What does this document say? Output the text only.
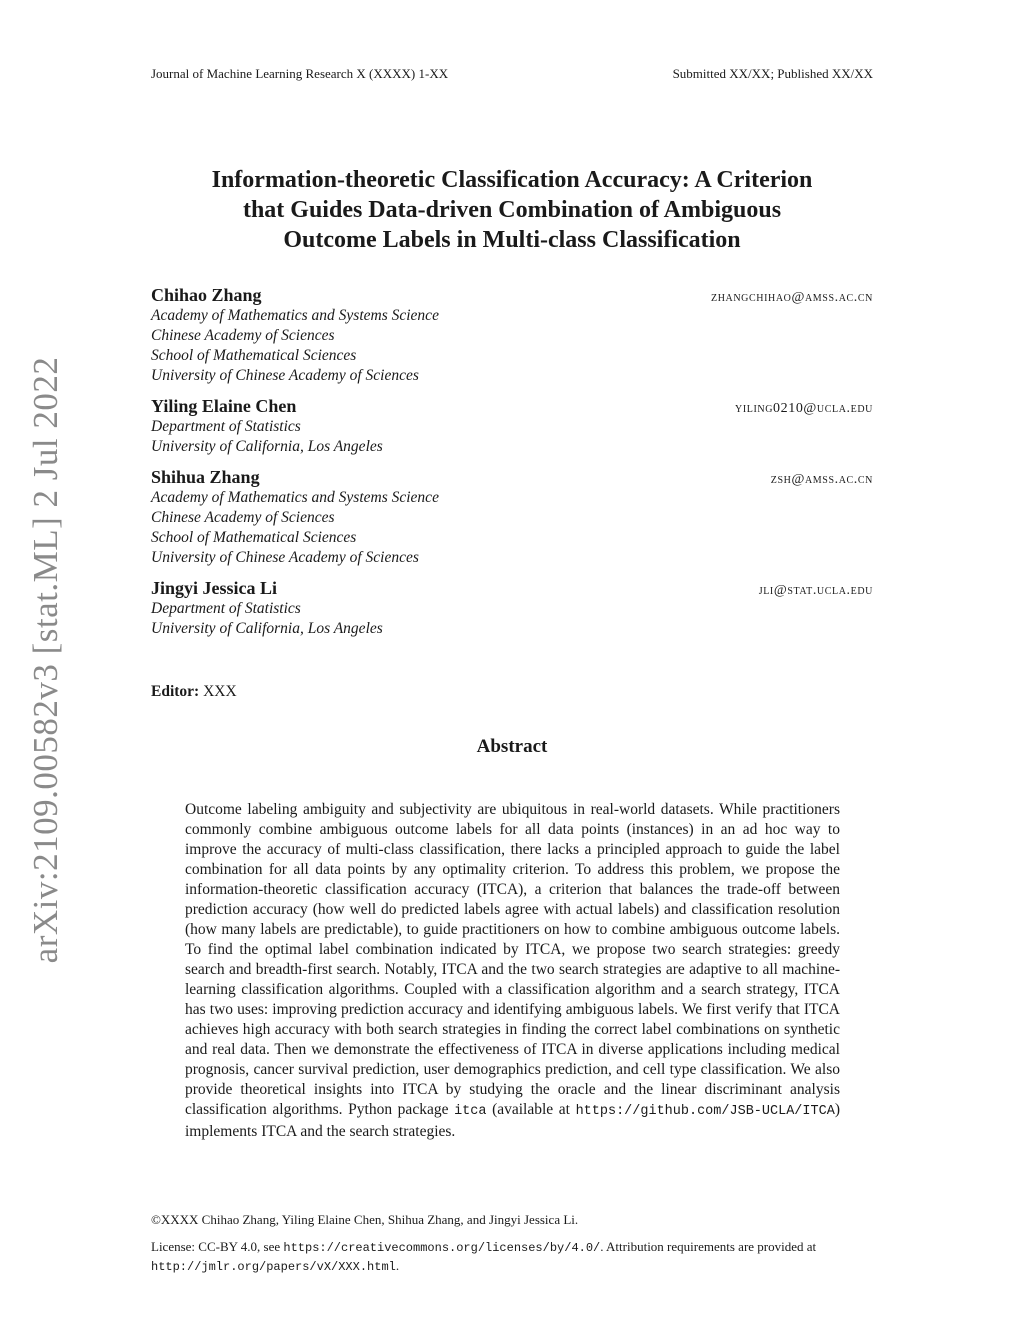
arXiv:2109.00582v3 [stat.ML] 2 Jul 2022
Journal of Machine Learning Research X (XXXX) 1-XX	Submitted XX/XX; Published XX/XX
Information-theoretic Classification Accuracy: A Criterion
that Guides Data-driven Combination of Ambiguous
Outcome Labels in Multi-class Classification
Chihao Zhang	zhangchihao@amss.ac.cn
Academy of Mathematics and Systems Science
Chinese Academy of Sciences
School of Mathematical Sciences
University of Chinese Academy of Sciences
Yiling Elaine Chen	yiling0210@ucla.edu
Department of Statistics
University of California, Los Angeles
Shihua Zhang	zsh@amss.ac.cn
Academy of Mathematics and Systems Science
Chinese Academy of Sciences
School of Mathematical Sciences
University of Chinese Academy of Sciences
Jingyi Jessica Li	jli@stat.ucla.edu
Department of Statistics
University of California, Los Angeles
Editor: XXX
Abstract
Outcome labeling ambiguity and subjectivity are ubiquitous in real-world datasets. While practitioners commonly combine ambiguous outcome labels for all data points (instances) in an ad hoc way to improve the accuracy of multi-class classification, there lacks a principled approach to guide the label combination for all data points by any optimality criterion. To address this problem, we propose the information-theoretic classification accuracy (ITCA), a criterion that balances the trade-off between prediction accuracy (how well do predicted labels agree with actual labels) and classification resolution (how many labels are predictable), to guide practitioners on how to combine ambiguous outcome labels. To find the optimal label combination indicated by ITCA, we propose two search strategies: greedy search and breadth-first search. Notably, ITCA and the two search strategies are adaptive to all machine-learning classification algorithms. Coupled with a classification algorithm and a search strategy, ITCA has two uses: improving prediction accuracy and identifying ambiguous labels. We first verify that ITCA achieves high accuracy with both search strategies in finding the correct label combinations on synthetic and real data. Then we demonstrate the effectiveness of ITCA in diverse applications including medical prognosis, cancer survival prediction, user demographics prediction, and cell type classification. We also provide theoretical insights into ITCA by studying the oracle and the linear discriminant analysis classification algorithms. Python package itca (available at https://github.com/JSB-UCLA/ITCA) implements ITCA and the search strategies.
©XXXX Chihao Zhang, Yiling Elaine Chen, Shihua Zhang, and Jingyi Jessica Li.
License: CC-BY 4.0, see https://creativecommons.org/licenses/by/4.0/. Attribution requirements are provided at http://jmlr.org/papers/vX/XXX.html.
